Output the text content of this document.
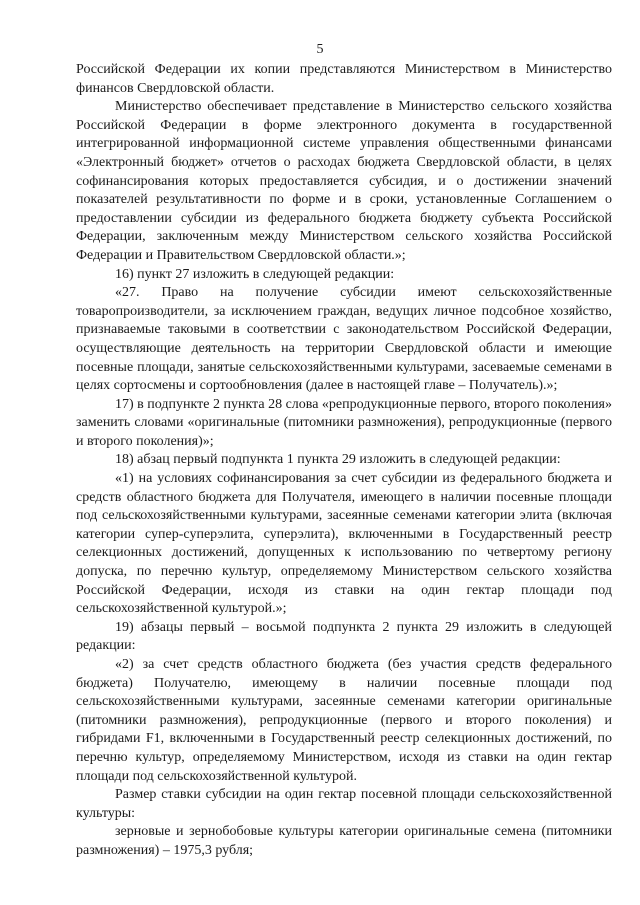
5

Российской Федерации их копии представляются Министерством в Министерство финансов Свердловской области.

Министерство обеспечивает представление в Министерство сельского хозяйства Российской Федерации в форме электронного документа в государственной интегрированной информационной системе управления общественными финансами «Электронный бюджет» отчетов о расходах бюджета Свердловской области, в целях софинансирования которых предоставляется субсидия, и о достижении значений показателей результативности по форме и в сроки, установленные Соглашением о предоставлении субсидии из федерального бюджета бюджету субъекта Российской Федерации, заключенным между Министерством сельского хозяйства Российской Федерации и Правительством Свердловской области.»;

16) пункт 27 изложить в следующей редакции:

«27. Право на получение субсидии имеют сельскохозяйственные товаропроизводители, за исключением граждан, ведущих личное подсобное хозяйство, признаваемые таковыми в соответствии с законодательством Российской Федерации, осуществляющие деятельность на территории Свердловской области и имеющие посевные площади, занятые сельскохозяйственными культурами, засеваемые семенами в целях сортосмены и сортообновления (далее в настоящей главе – Получатель).»;

17) в подпункте 2 пункта 28 слова «репродукционные первого, второго поколения» заменить словами «оригинальные (питомники размножения), репродукционные (первого и второго поколения)»;

18) абзац первый подпункта 1 пункта 29 изложить в следующей редакции:

«1) на условиях софинансирования за счет субсидии из федерального бюджета и средств областного бюджета для Получателя, имеющего в наличии посевные площади под сельскохозяйственными культурами, засеянные семенами категории элита (включая категории супер-суперэлита, суперэлита), включенными в Государственный реестр селекционных достижений, допущенных к использованию по четвертому региону допуска, по перечню культур, определяемому Министерством сельского хозяйства Российской Федерации, исходя из ставки на один гектар площади под сельскохозяйственной культурой.»;

19) абзацы первый – восьмой подпункта 2 пункта 29 изложить в следующей редакции:

«2) за счет средств областного бюджета (без участия средств федерального бюджета) Получателю, имеющему в наличии посевные площади под сельскохозяйственными культурами, засеянные семенами категории оригинальные (питомники размножения), репродукционные (первого и второго поколения) и гибридами F1, включенными в Государственный реестр селекционных достижений, по перечню культур, определяемому Министерством, исходя из ставки на один гектар площади под сельскохозяйственной культурой.

Размер ставки субсидии на один гектар посевной площади сельскохозяйственной культуры:

зерновые и зернобобовые культуры категории оригинальные семена (питомники размножения) – 1975,3 рубля;
